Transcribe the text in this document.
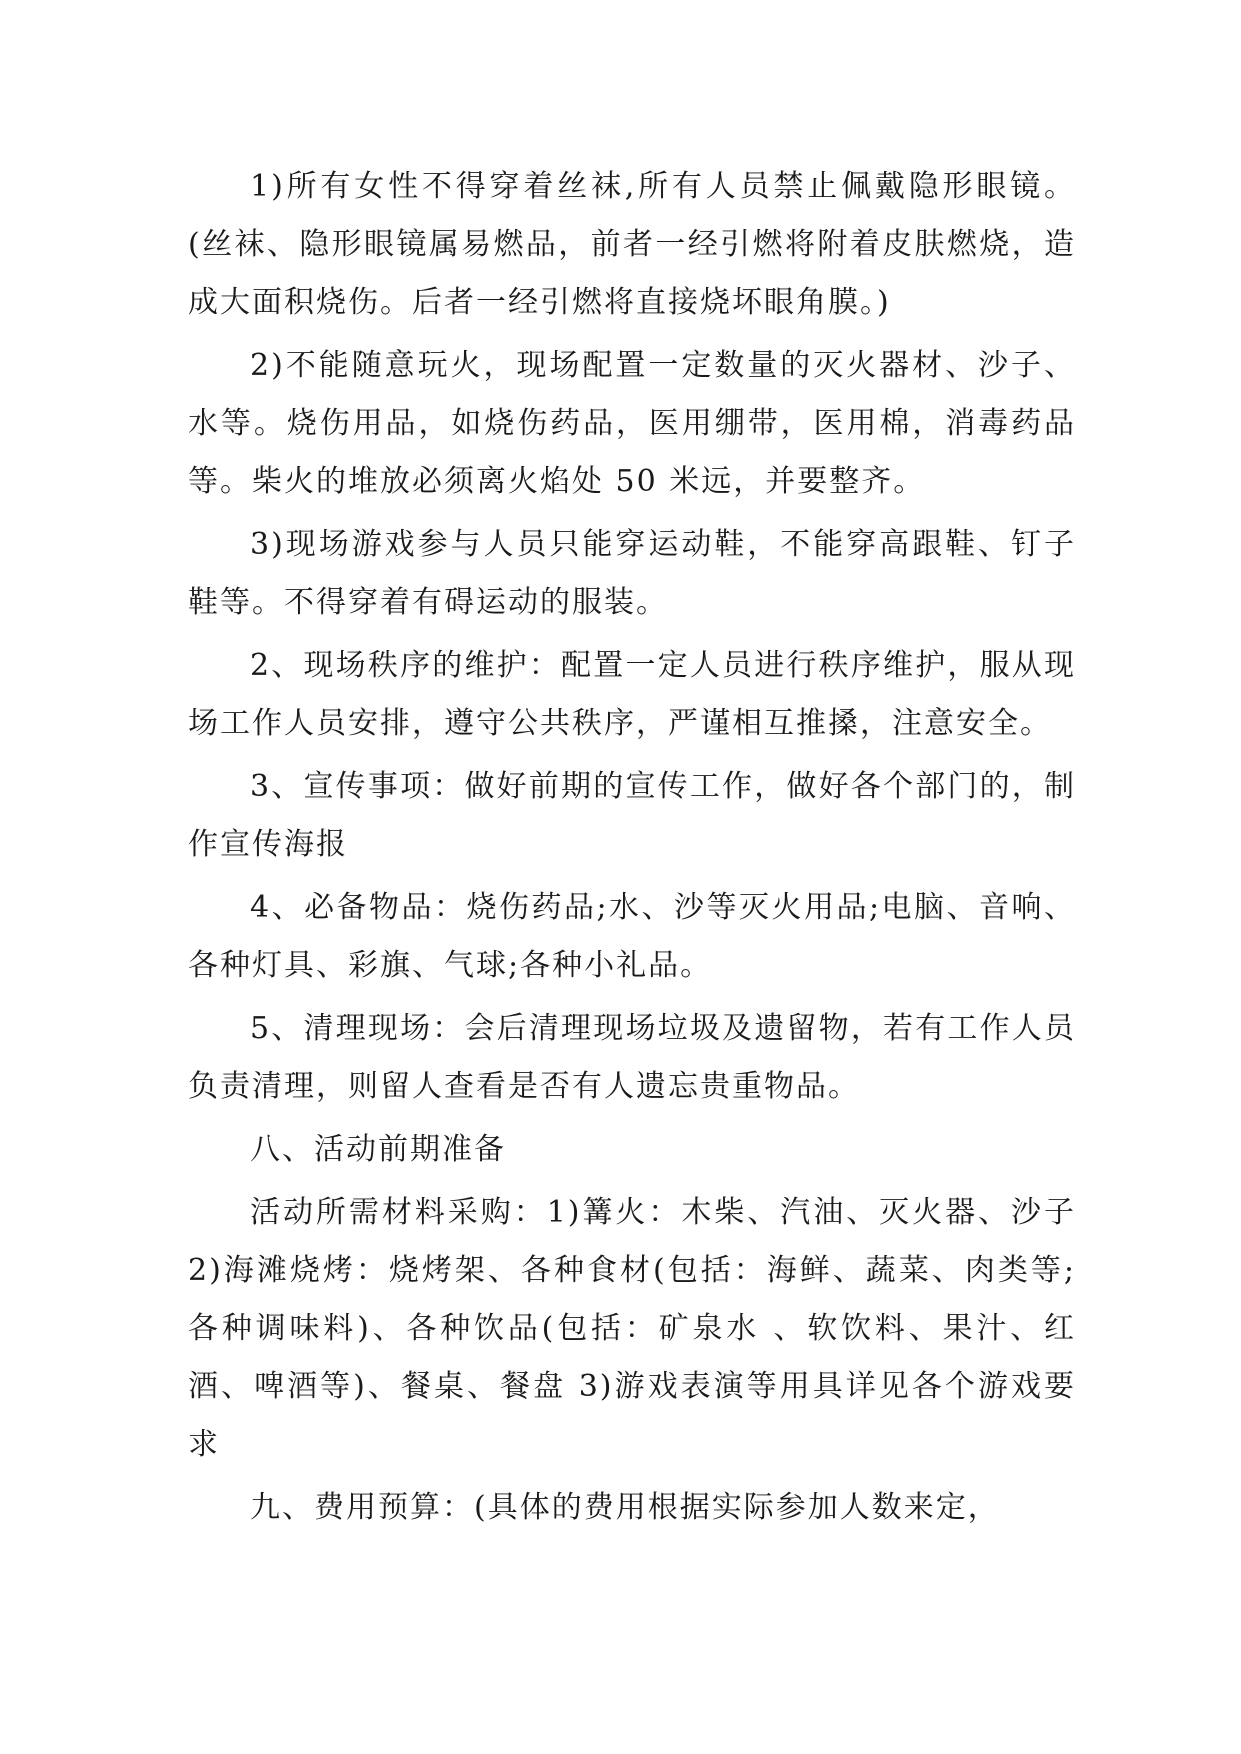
1)所有女性不得穿着丝袜,所有人员禁止佩戴隐形眼镜。(丝袜、隐形眼镜属易燃品，前者一经引燃将附着皮肤燃烧，造成大面积烧伤。后者一经引燃将直接烧坏眼角膜。)

2)不能随意玩火，现场配置一定数量的灭火器材、沙子、水等。烧伤用品，如烧伤药品，医用绷带，医用棉，消毒药品等。柴火的堆放必须离火焰处 50 米远，并要整齐。

3)现场游戏参与人员只能穿运动鞋，不能穿高跟鞋、钉子 鞋等。不得穿着有碍运动的服装。

2、现场秩序的维护：配置一定人员进行秩序维护，服从现场工作人员安排，遵守公共秩序，严谨相互推搡，注意安全。

3、宣传事项：做好前期的宣传工作，做好各个部门的，制作宣传海报

4、必备物品：烧伤药品;水、沙等灭火用品;电脑、音响、各种灯具、彩旗、气球;各种小礼品。

5、清理现场：会后清理现场垃圾及遗留物，若有工作人员负责清理，则留人查看是否有人遗忘贵重物品。

八、活动前期准备

活动所需材料采购：1)篝火：木柴、汽油、灭火器、沙子 2)海滩烧烤：烧烤架、各种食材(包括：海鲜、蔬菜、肉类等;各种调味料)、各种饮品(包括：矿泉水 、软饮料、果汁、红酒、啤酒等)、餐桌、餐盘 3)游戏表演等用具详见各个游戏要求

九、费用预算：(具体的费用根据实际参加人数来定，
